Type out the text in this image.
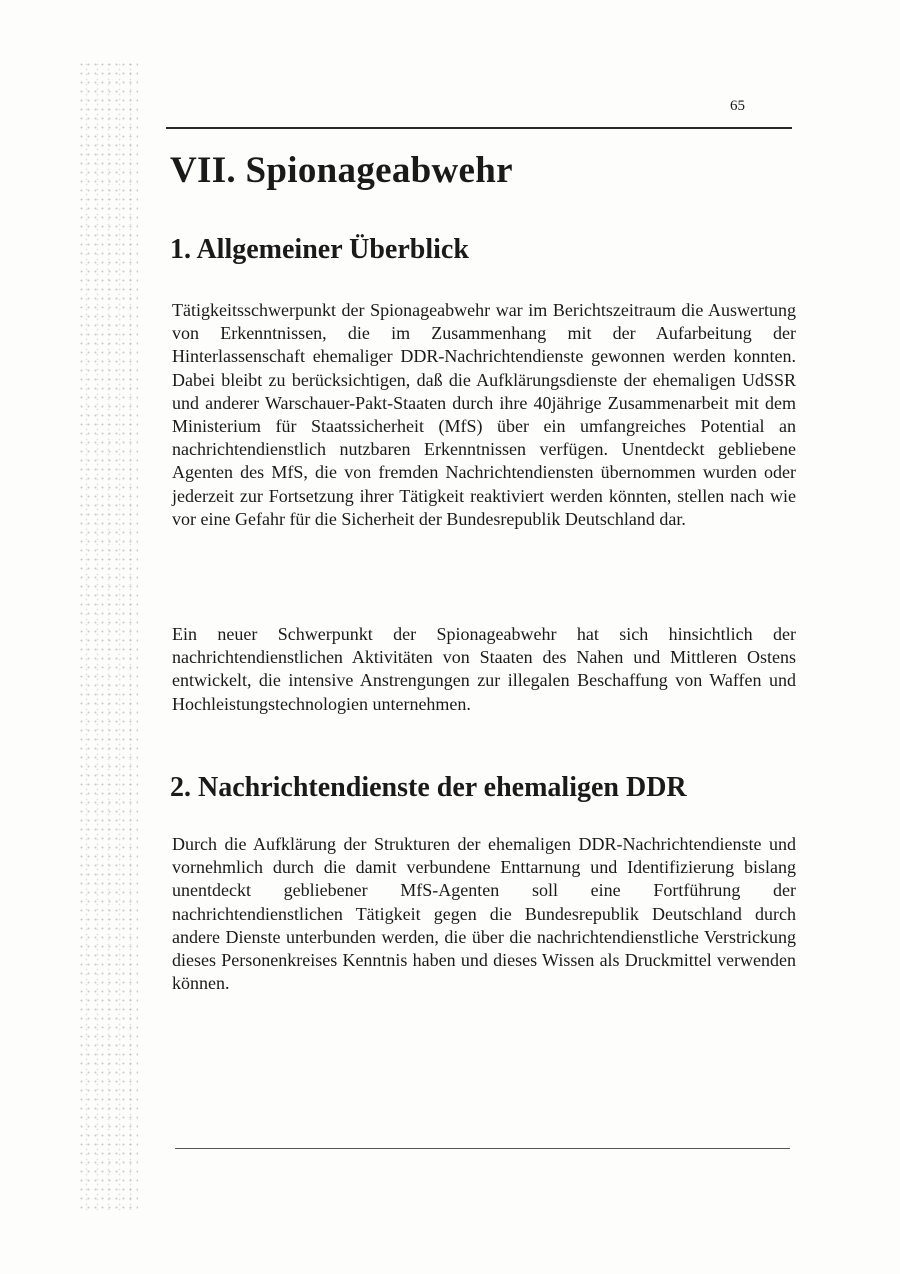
65
VII. Spionageabwehr
1. Allgemeiner Überblick

Tätigkeitsschwerpunkt der Spionageabwehr war im Berichtszeitraum die Auswertung von Erkenntnissen, die im Zusammenhang mit der Aufarbeitung der Hinterlassenschaft ehemaliger DDR-Nachrichtendienste gewonnen werden konnten. Dabei bleibt zu berücksichtigen, daß die Aufklärungsdienste der ehemaligen UdSSR und anderer Warschauer-Pakt-Staaten durch ihre 40jährige Zusammenarbeit mit dem Ministerium für Staatssicherheit (MfS) über ein umfangreiches Potential an nachrichtendienstlich nutzbaren Erkenntnissen verfügen. Unentdeckt gebliebene Agenten des MfS, die von fremden Nachrichtendiensten übernommen wurden oder jederzeit zur Fortsetzung ihrer Tätigkeit reaktiviert werden könnten, stellen nach wie vor eine Gefahr für die Sicherheit der Bundesrepublik Deutschland dar.

Ein neuer Schwerpunkt der Spionageabwehr hat sich hinsichtlich der nachrichtendienstlichen Aktivitäten von Staaten des Nahen und Mittleren Ostens entwickelt, die intensive Anstrengungen zur illegalen Beschaffung von Waffen und Hochleistungstechnologien unternehmen.

2. Nachrichtendienste der ehemaligen DDR

Durch die Aufklärung der Strukturen der ehemaligen DDR-Nachrichtendienste und vornehmlich durch die damit verbundene Enttarnung und Identifizierung bislang unentdeckt gebliebener MfS-Agenten soll eine Fortführung der nachrichtendienstlichen Tätigkeit gegen die Bundesrepublik Deutschland durch andere Dienste unterbunden werden, die über die nachrichtendienstliche Verstrickung dieses Personenkreises Kenntnis haben und dieses Wissen als Druckmittel verwenden können.
